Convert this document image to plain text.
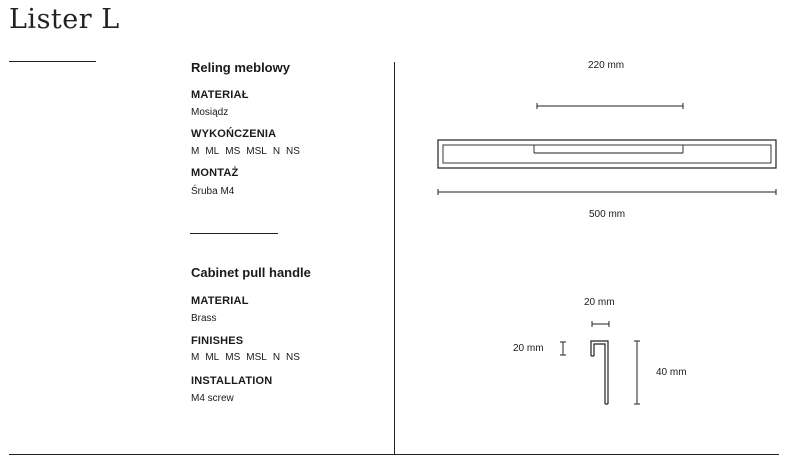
Lister L
Reling meblowy
MATERIAŁ
Mosiądz
WYKOŃCZENIA
M ML MS MSL N NS
MONTAŻ
Śruba M4
Cabinet pull handle
MATERIAL
Brass
FINISHES
M ML MS MSL N NS
INSTALLATION
M4 screw
220 mm
500 mm
20 mm
20 mm
40 mm
